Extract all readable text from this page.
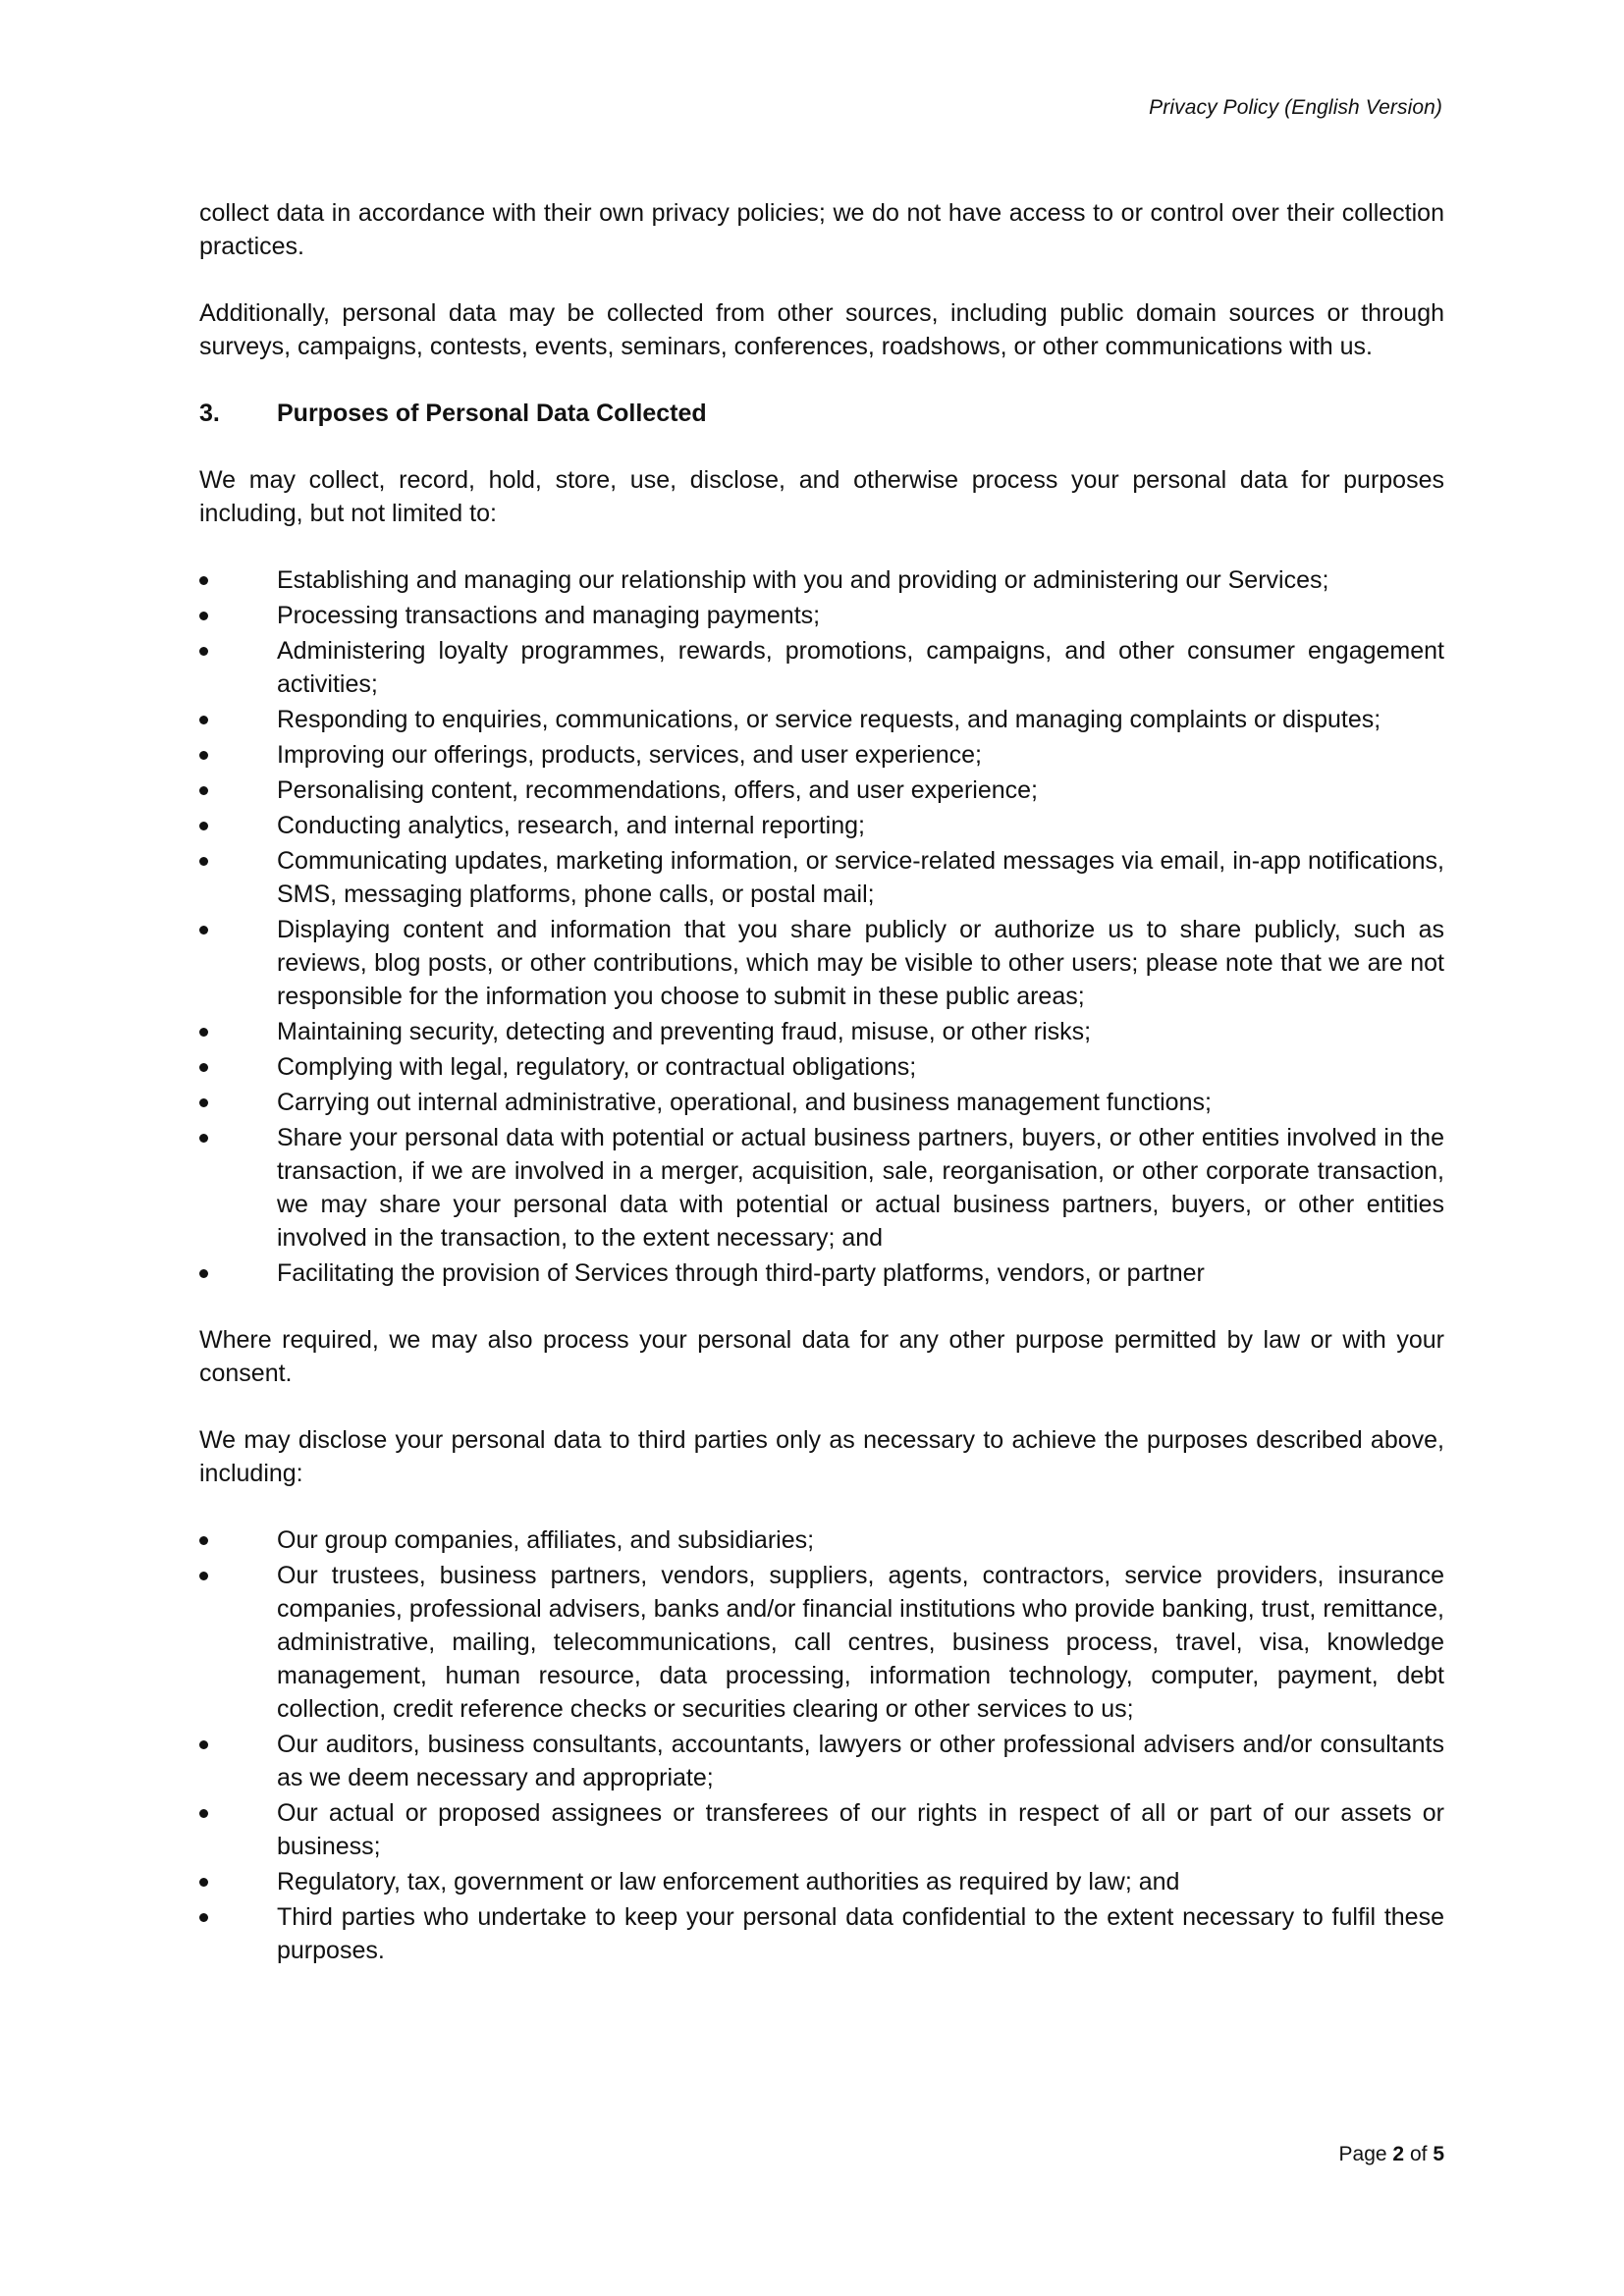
Privacy Policy (English Version)

collect data in accordance with their own privacy policies; we do not have access to or control over their collection practices.

Additionally, personal data may be collected from other sources, including public domain sources or through surveys, campaigns, contests, events, seminars, conferences, roadshows, or other communications with us.

3.	Purposes of Personal Data Collected

We may collect, record, hold, store, use, disclose, and otherwise process your personal data for purposes including, but not limited to:

Establishing and managing our relationship with you and providing or administering our Services;
Processing transactions and managing payments;
Administering loyalty programmes, rewards, promotions, campaigns, and other consumer engagement activities;
Responding to enquiries, communications, or service requests, and managing complaints or disputes;
Improving our offerings, products, services, and user experience;
Personalising content, recommendations, offers, and user experience;
Conducting analytics, research, and internal reporting;
Communicating updates, marketing information, or service-related messages via email, in-app notifications, SMS, messaging platforms, phone calls, or postal mail;
Displaying content and information that you share publicly or authorize us to share publicly, such as reviews, blog posts, or other contributions, which may be visible to other users; please note that we are not responsible for the information you choose to submit in these public areas;
Maintaining security, detecting and preventing fraud, misuse, or other risks;
Complying with legal, regulatory, or contractual obligations;
Carrying out internal administrative, operational, and business management functions;
Share your personal data with potential or actual business partners, buyers, or other entities involved in the transaction, if we are involved in a merger, acquisition, sale, reorganisation, or other corporate transaction, we may share your personal data with potential or actual business partners, buyers, or other entities involved in the transaction, to the extent necessary; and
Facilitating the provision of Services through third-party platforms, vendors, or partner

Where required, we may also process your personal data for any other purpose permitted by law or with your consent.

We may disclose your personal data to third parties only as necessary to achieve the purposes described above, including:

Our group companies, affiliates, and subsidiaries;
Our trustees, business partners, vendors, suppliers, agents, contractors, service providers, insurance companies, professional advisers, banks and/or financial institutions who provide banking, trust, remittance, administrative, mailing, telecommunications, call centres, business process, travel, visa, knowledge management, human resource, data processing, information technology, computer, payment, debt collection, credit reference checks or securities clearing or other services to us;
Our auditors, business consultants, accountants, lawyers or other professional advisers and/or consultants as we deem necessary and appropriate;
Our actual or proposed assignees or transferees of our rights in respect of all or part of our assets or business;
Regulatory, tax, government or law enforcement authorities as required by law; and
Third parties who undertake to keep your personal data confidential to the extent necessary to fulfil these purposes.
Page 2 of 5
